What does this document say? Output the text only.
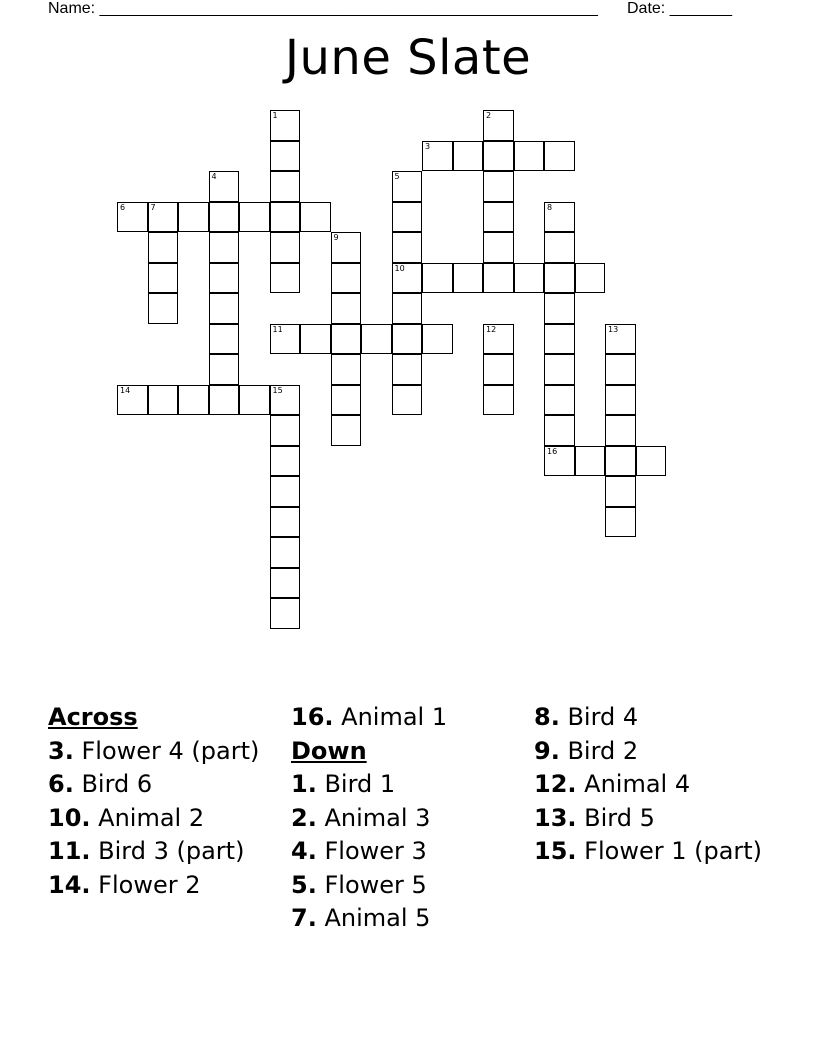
Name: ________________________________________________________ Date: _______
June Slate
1	2
3
4	5
6	7	8
9
10
11	12	13
14	15
16
Across
3. Flower 4 (part)
6. Bird 6
10. Animal 2
11. Bird 3 (part)
14. Flower 2
16. Animal 1
Down
1. Bird 1
2. Animal 3
4. Flower 3
5. Flower 5
7. Animal 5
8. Bird 4
9. Bird 2
12. Animal 4
13. Bird 5
15. Flower 1 (part)
